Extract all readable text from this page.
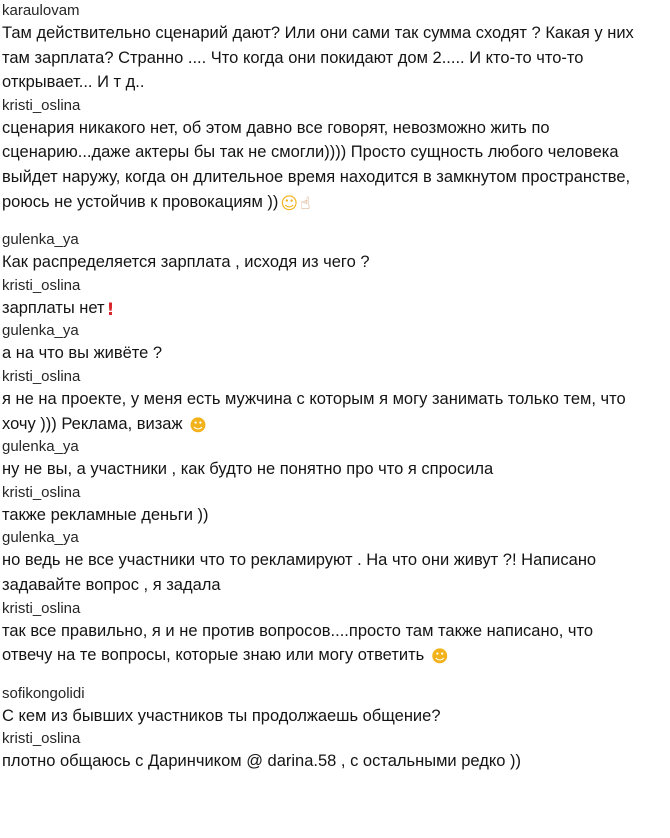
karaulovam
Там действительно сценарий дают? Или они сами так сумма сходят ? Какая у них
там зарплата? Странно .... Что когда они покидают дом 2..... И кто-то что-то
открывает... И т д..
kristi_oslina
сценария никакого нет, об этом давно все говорят, невозможно жить по
сценарию...даже актеры бы так не смогли)))) Просто сущность любого человека
выйдет наружу, когда он длительное время находится в замкнутом пространстве,
роюсь не устойчив к провокациям )) ☺ ☝
gulenka_ya
Как распределяется зарплата , исходя из чего ?
kristi_oslina
зарплаты нет !
gulenka_ya
а на что вы живёте ?
kristi_oslina
я не на проекте, у меня есть мужчина с которым я могу занимать только тем, что
хочу ))) Реклама, визаж ☻
gulenka_ya
ну не вы, а участники , как будто не понятно про что я спросила
kristi_oslina
также рекламные деньги ))
gulenka_ya
но ведь не все участники что то рекламируют . На что они живут ?! Написано
задавайте вопрос , я задала
kristi_oslina
так все правильно, я и не против вопросов....просто там также написано, что
отвечу на те вопросы, которые знаю или могу ответить ☻
sofikongolidi
С кем из бывших участников ты продолжаешь общение?
kristi_oslina
плотно общаюсь с Даринчиком @ darina.58 , с остальными редко ))
